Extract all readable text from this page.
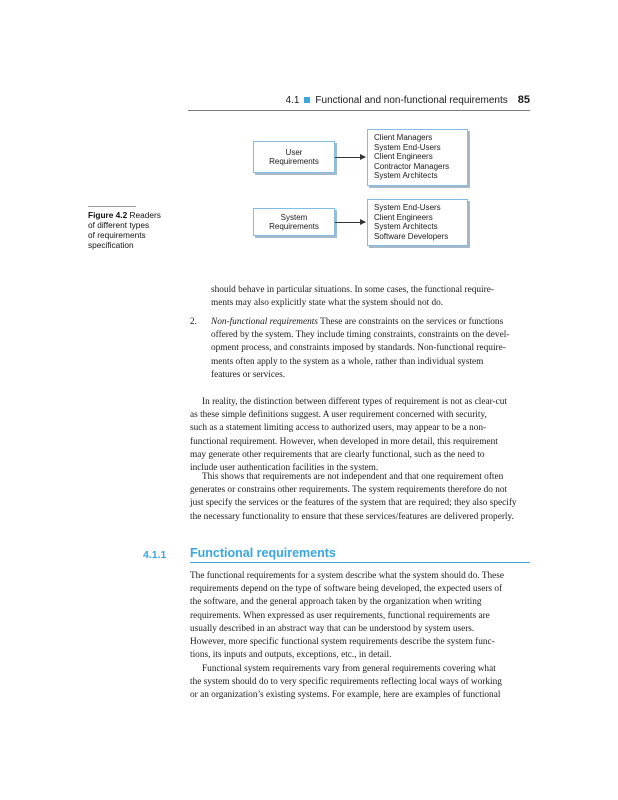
4.1 Functional and non-functional requirements 85
User
Requirements
Client Managers
System End-Users
Client Engineers
Contractor Managers
System Architects
System
Requirements
System End-Users
Client Engineers
System Architects
Software Developers
Figure 4.2 Readers
of different types
of requirements
specification
should behave in particular situations. In some cases, the functional require-
ments may also explicitly state what the system should not do.
2. Non-functional requirements These are constraints on the services or functions
offered by the system. They include timing constraints, constraints on the devel-
opment process, and constraints imposed by standards. Non-functional require-
ments often apply to the system as a whole, rather than individual system
features or services.
In reality, the distinction between different types of requirement is not as clear-cut
as these simple definitions suggest. A user requirement concerned with security,
such as a statement limiting access to authorized users, may appear to be a non-
functional requirement. However, when developed in more detail, this requirement
may generate other requirements that are clearly functional, such as the need to
include user authentication facilities in the system.
This shows that requirements are not independent and that one requirement often
generates or constrains other requirements. The system requirements therefore do not
just specify the services or the features of the system that are required; they also specify
the necessary functionality to ensure that these services/features are delivered properly.
4.1.1 Functional requirements
The functional requirements for a system describe what the system should do. These
requirements depend on the type of software being developed, the expected users of
the software, and the general approach taken by the organization when writing
requirements. When expressed as user requirements, functional requirements are
usually described in an abstract way that can be understood by system users.
However, more specific functional system requirements describe the system func-
tions, its inputs and outputs, exceptions, etc., in detail.
Functional system requirements vary from general requirements covering what
the system should do to very specific requirements reflecting local ways of working
or an organization’s existing systems. For example, here are examples of functional
